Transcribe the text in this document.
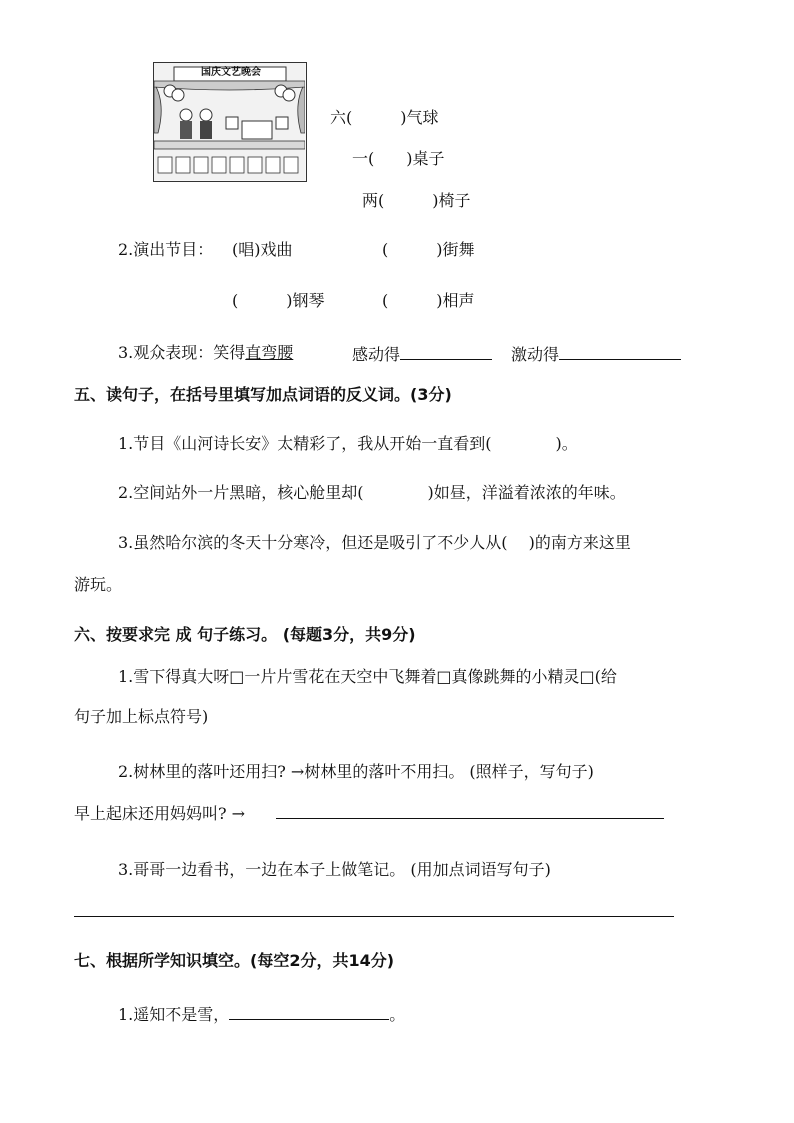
国庆文艺晚会
六(　　　)气球
一(　　)桌子
两(　　　)椅子
2.演出节目： (唱)戏曲	(　　　)街舞
(　　　)钢琴	(　　　)相声
3.观众表现：笑得直弯腰	感动得	激动得
五、读句子，在括号里填写加点词语的反义词。(3分)
1.节目《山河诗长安》太精彩了，我从开始一直看到(　　　　)。
2.空间站外一片黑暗，核心舱里却(　　　　)如昼，洋溢着浓浓的年味。
3.虽然哈尔滨的冬天十分寒冷，但还是吸引了不少人从(　 )的南方来这里
游玩。
六、按要求完 成 句子练习。 (每题3分，共9分)
1.雪下得真大呀□一片片雪花在天空中飞舞着□真像跳舞的小精灵□(给
句子加上标点符号)
2.树林里的落叶还用扫? →树林里的落叶不用扫。 (照样子，写句子)
早上起床还用妈妈叫? →
3.哥哥一边看书，一边在本子上做笔记。 (用加点词语写句子)
七、根据所学知识填空。(每空2分，共14分)
1.遥知不是雪，	。
